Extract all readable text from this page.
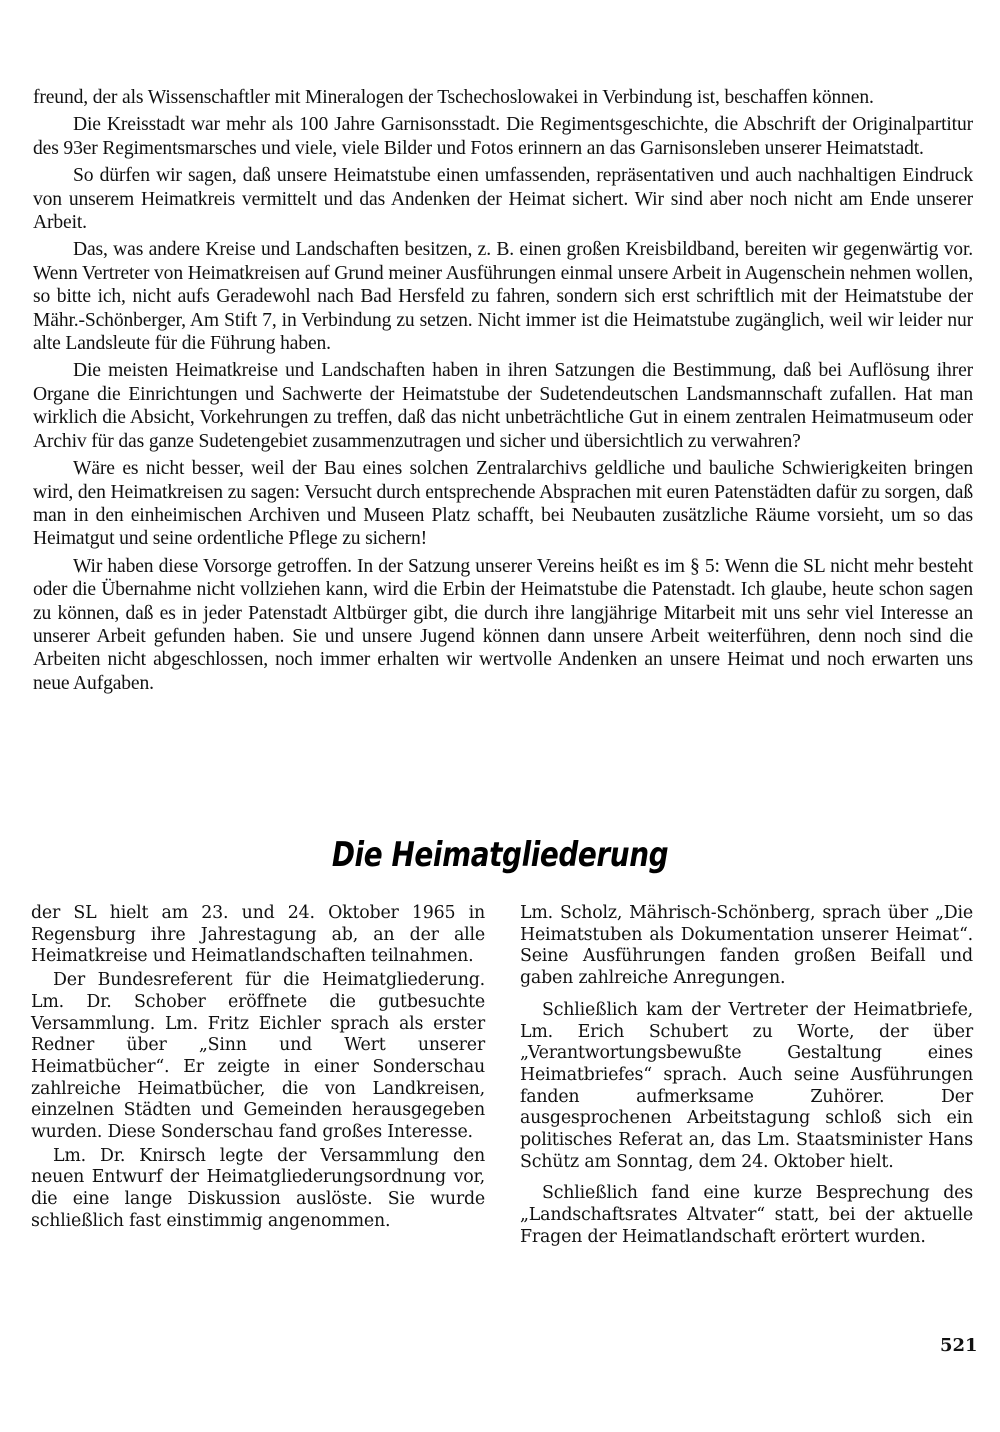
freund, der als Wissenschaftler mit Mineralogen der Tschechoslowakei in Verbindung ist, beschaffen können.

Die Kreisstadt war mehr als 100 Jahre Garnisonsstadt. Die Regimentsgeschichte, die Abschrift der Originalpartitur des 93er Regimentsmarsches und viele, viele Bilder und Fotos erinnern an das Garnisonsleben unserer Heimatstadt.

So dürfen wir sagen, daß unsere Heimatstube einen umfassenden, repräsentativen und auch nachhaltigen Eindruck von unserem Heimatkreis vermittelt und das Andenken der Heimat sichert. Wir sind aber noch nicht am Ende unserer Arbeit.

Das, was andere Kreise und Landschaften besitzen, z. B. einen großen Kreisbildband, bereiten wir gegenwärtig vor. Wenn Vertreter von Heimatkreisen auf Grund meiner Ausführungen einmal unsere Arbeit in Augenschein nehmen wollen, so bitte ich, nicht aufs Geradewohl nach Bad Hersfeld zu fahren, sondern sich erst schriftlich mit der Heimatstube der Mähr.-Schönberger, Am Stift 7, in Verbindung zu setzen. Nicht immer ist die Heimatstube zugänglich, weil wir leider nur alte Landsleute für die Führung haben.

Die meisten Heimatkreise und Landschaften haben in ihren Satzungen die Bestimmung, daß bei Auflösung ihrer Organe die Einrichtungen und Sachwerte der Heimatstube der Sudetendeutschen Landsmannschaft zufallen. Hat man wirklich die Absicht, Vorkehrungen zu treffen, daß das nicht unbeträchtliche Gut in einem zentralen Heimatmuseum oder Archiv für das ganze Sudetengebiet zusammenzutragen und sicher und übersichtlich zu verwahren?

Wäre es nicht besser, weil der Bau eines solchen Zentralarchivs geldliche und bauliche Schwierigkeiten bringen wird, den Heimatkreisen zu sagen: Versucht durch entsprechende Absprachen mit euren Patenstädten dafür zu sorgen, daß man in den einheimischen Archiven und Museen Platz schafft, bei Neubauten zusätzliche Räume vorsieht, um so das Heimatgut und seine ordentliche Pflege zu sichern!

Wir haben diese Vorsorge getroffen. In der Satzung unserer Vereins heißt es im § 5: Wenn die SL nicht mehr besteht oder die Übernahme nicht vollziehen kann, wird die Erbin der Heimatstube die Patenstadt. Ich glaube, heute schon sagen zu können, daß es in jeder Patenstadt Altbürger gibt, die durch ihre langjährige Mitarbeit mit uns sehr viel Interesse an unserer Arbeit gefunden haben. Sie und unsere Jugend können dann unsere Arbeit weiterführen, denn noch sind die Arbeiten nicht abgeschlossen, noch immer erhalten wir wertvolle Andenken an unsere Heimat und noch erwarten uns neue Aufgaben.

Die Heimatgliederung

der SL hielt am 23. und 24. Oktober 1965 in Regensburg ihre Jahrestagung ab, an der alle Heimatkreise und Heimatlandschaften teilnahmen.

Der Bundesreferent für die Heimatgliederung. Lm. Dr. Schober eröffnete die gutbesuchte Versammlung. Lm. Fritz Eichler sprach als erster Redner über „Sinn und Wert unserer Heimatbücher“. Er zeigte in einer Sonderschau zahlreiche Heimatbücher, die von Landkreisen, einzelnen Städten und Gemeinden herausgegeben wurden. Diese Sonderschau fand großes Interesse.

Lm. Dr. Knirsch legte der Versammlung den neuen Entwurf der Heimatgliederungsordnung vor, die eine lange Diskussion auslöste. Sie wurde schließlich fast einstimmig angenommen.

Lm. Scholz, Mährisch-Schönberg, sprach über „Die Heimatstuben als Dokumentation unserer Heimat“. Seine Ausführungen fanden großen Beifall und gaben zahlreiche Anregungen.

Schließlich kam der Vertreter der Heimatbriefe, Lm. Erich Schubert zu Worte, der über „Verantwortungsbewußte Gestaltung eines Heimatbriefes“ sprach. Auch seine Ausführungen fanden aufmerksame Zuhörer. Der ausgesprochenen Arbeitstagung schloß sich ein politisches Referat an, das Lm. Staatsminister Hans Schütz am Sonntag, dem 24. Oktober hielt.

Schließlich fand eine kurze Besprechung des „Landschaftsrates Altvater“ statt, bei der aktuelle Fragen der Heimatlandschaft erörtert wurden.

521
